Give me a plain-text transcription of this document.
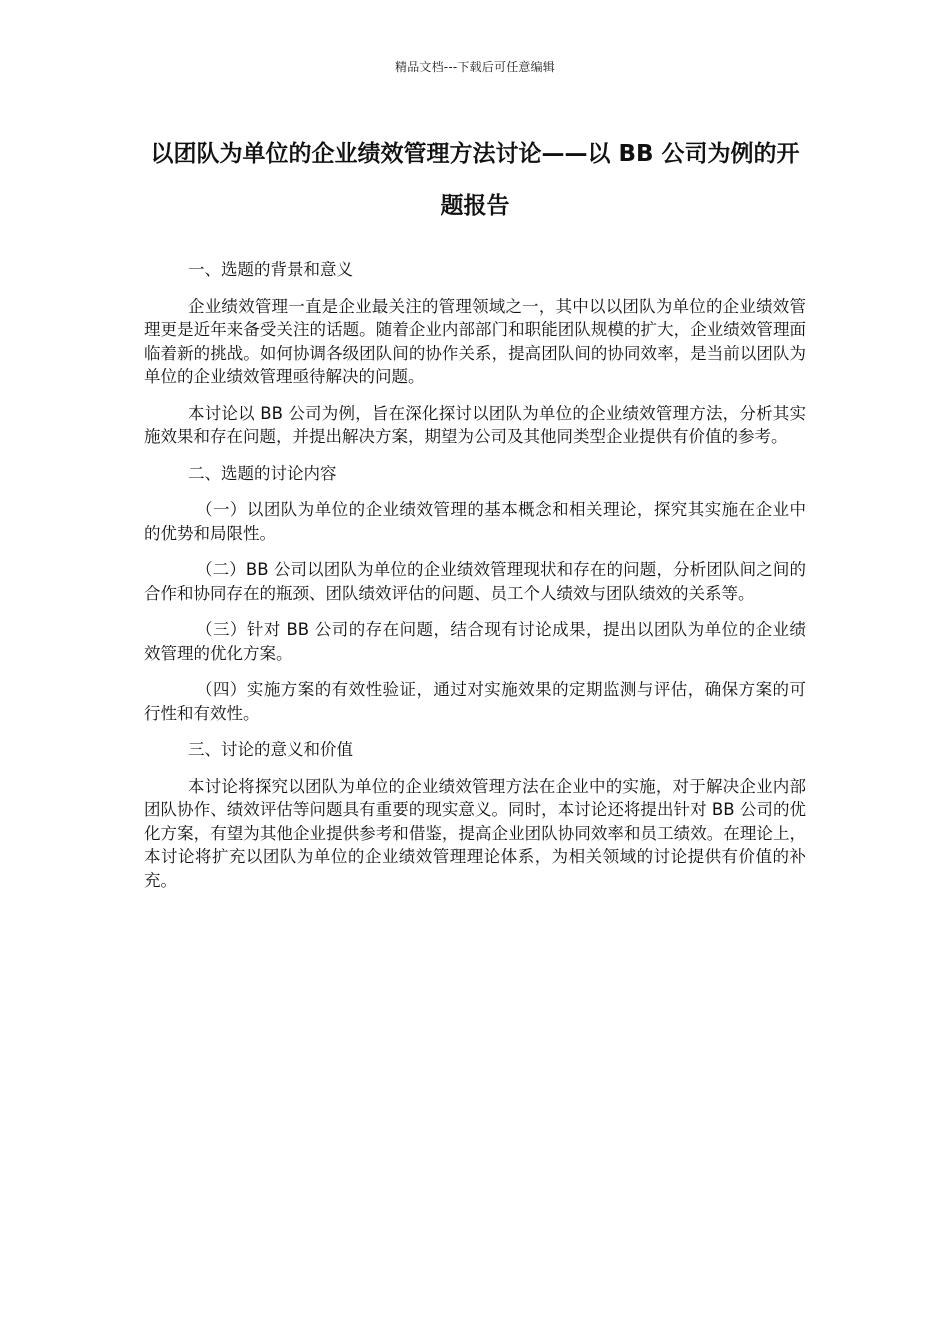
精品文档---下载后可任意编辑
以团队为单位的企业绩效管理方法讨论——以 BB 公司为例的开题报告

一、选题的背景和意义

企业绩效管理一直是企业最关注的管理领域之一，其中以以团队为单位的企业绩效管理更是近年来备受关注的话题。随着企业内部部门和职能团队规模的扩大，企业绩效管理面临着新的挑战。如何协调各级团队间的协作关系，提高团队间的协同效率，是当前以团队为单位的企业绩效管理亟待解决的问题。

本讨论以 BB 公司为例，旨在深化探讨以团队为单位的企业绩效管理方法，分析其实施效果和存在问题，并提出解决方案，期望为公司及其他同类型企业提供有价值的参考。

二、选题的讨论内容

（一）以团队为单位的企业绩效管理的基本概念和相关理论，探究其实施在企业中的优势和局限性。

（二）BB 公司以团队为单位的企业绩效管理现状和存在的问题，分析团队间之间的合作和协同存在的瓶颈、团队绩效评估的问题、员工个人绩效与团队绩效的关系等。

（三）针对 BB 公司的存在问题，结合现有讨论成果，提出以团队为单位的企业绩效管理的优化方案。

（四）实施方案的有效性验证，通过对实施效果的定期监测与评估，确保方案的可行性和有效性。

三、讨论的意义和价值

本讨论将探究以团队为单位的企业绩效管理方法在企业中的实施，对于解决企业内部团队协作、绩效评估等问题具有重要的现实意义。同时，本讨论还将提出针对 BB 公司的优化方案，有望为其他企业提供参考和借鉴，提高企业团队协同效率和员工绩效。在理论上，本讨论将扩充以团队为单位的企业绩效管理理论体系，为相关领域的讨论提供有价值的补充。
